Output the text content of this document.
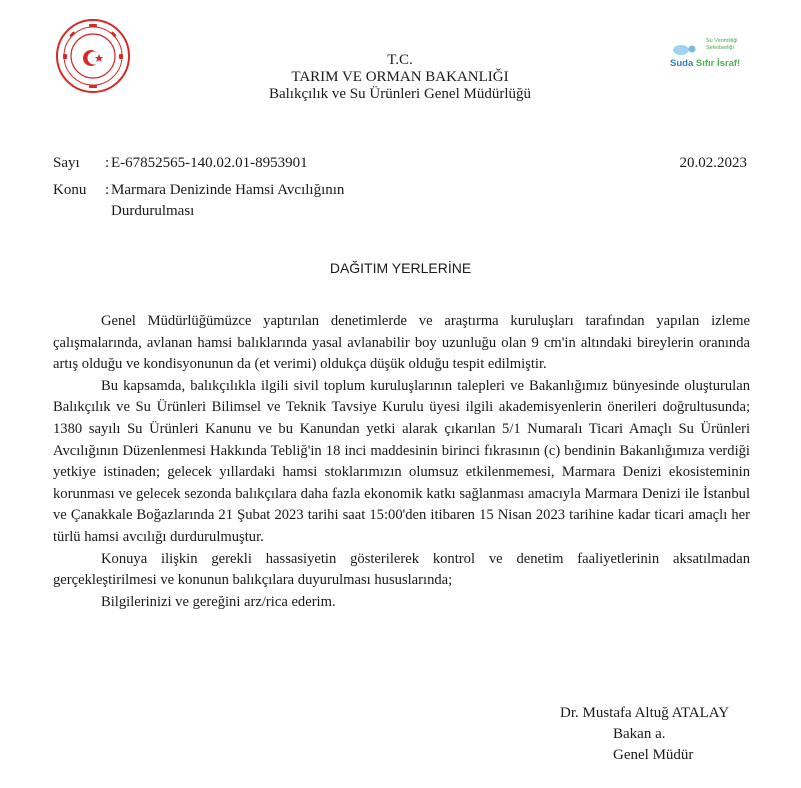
Su Verimliliği
Seferberliği
Suda Sıfır İsraf!
T.C.
TARIM VE ORMAN BAKANLIĞI
Balıkçılık ve Su Ürünleri Genel Müdürlüğü
Sayı : E-67852565-140.02.01-8953901	20.02.2023
Konu : Marmara Denizinde Hamsi Avcılığının
Durdurulması
DAĞITIM YERLERİNE

Genel Müdürlüğümüzce yaptırılan denetimlerde ve araştırma kuruluşları tarafından yapılan izleme çalışmalarında, avlanan hamsi balıklarında yasal avlanabilir boy uzunluğu olan 9 cm'in altındaki bireylerin oranında artış olduğu ve kondisyonunun da (et verimi) oldukça düşük olduğu tespit edilmiştir.

Bu kapsamda, balıkçılıkla ilgili sivil toplum kuruluşlarının talepleri ve Bakanlığımız bünyesinde oluşturulan Balıkçılık ve Su Ürünleri Bilimsel ve Teknik Tavsiye Kurulu üyesi ilgili akademisyenlerin önerileri doğrultusunda; 1380 sayılı Su Ürünleri Kanunu ve bu Kanundan yetki alarak çıkarılan 5/1 Numaralı Ticari Amaçlı Su Ürünleri Avcılığının Düzenlenmesi Hakkında Tebliğ'in 18 inci maddesinin birinci fıkrasının (c) bendinin Bakanlığımıza verdiği yetkiye istinaden; gelecek yıllardaki hamsi stoklarımızın olumsuz etkilenmemesi, Marmara Denizi ekosisteminin korunması ve gelecek sezonda balıkçılara daha fazla ekonomik katkı sağlanması amacıyla Marmara Denizi ile İstanbul ve Çanakkale Boğazlarında 21 Şubat 2023 tarihi saat 15:00'den itibaren 15 Nisan 2023 tarihine kadar ticari amaçlı her türlü hamsi avcılığı durdurulmuştur.

Konuya ilişkin gerekli hassasiyetin gösterilerek kontrol ve denetim faaliyetlerinin aksatılmadan gerçekleştirilmesi ve konunun balıkçılara duyurulması hususlarında;

Bilgilerinizi ve gereğini arz/rica ederim.

Dr. Mustafa Altuğ ATALAY
Bakan a.
Genel Müdür
